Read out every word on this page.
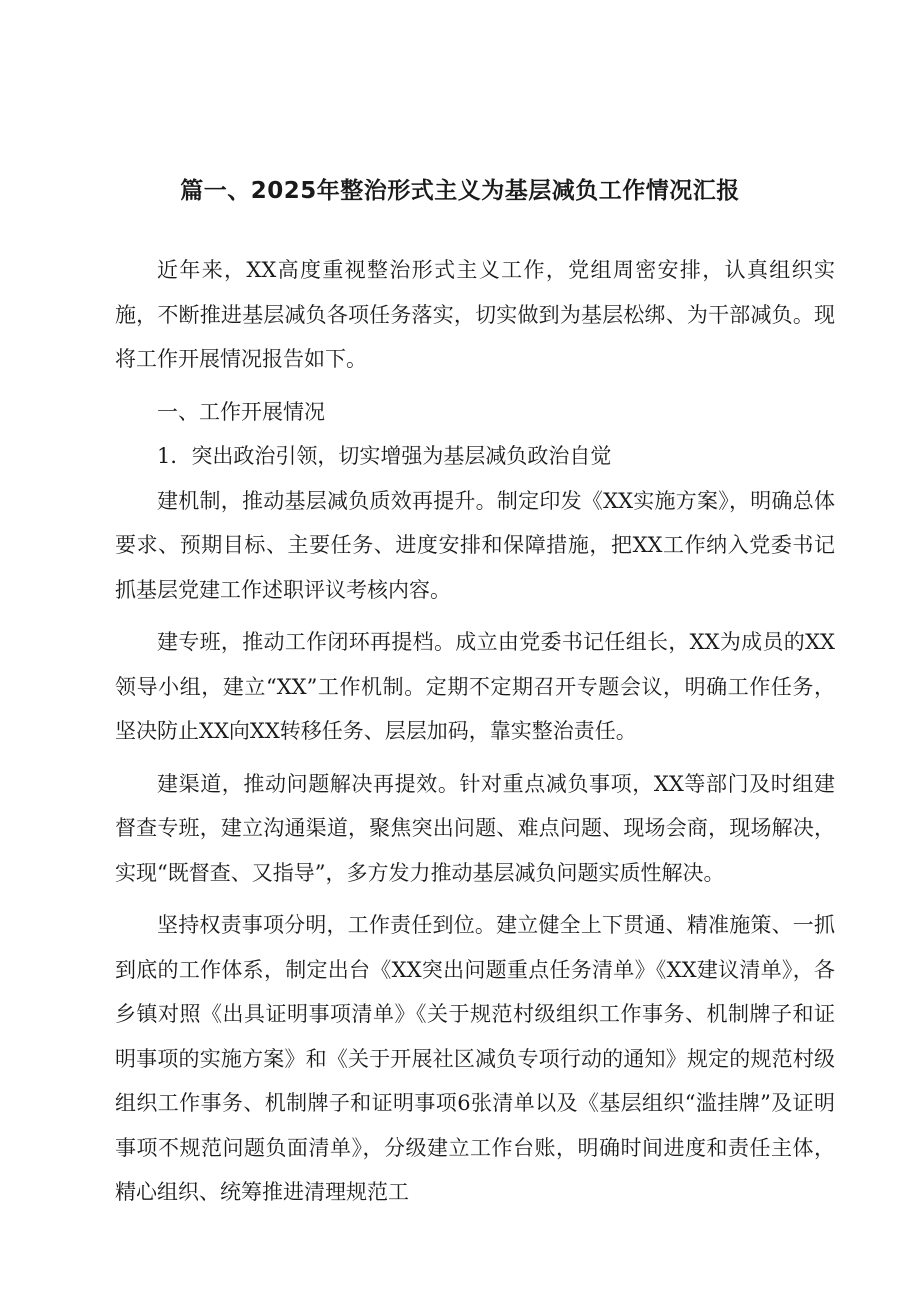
篇一、2025年整治形式主义为基层减负工作情况汇报

近年来，XX高度重视整治形式主义工作，党组周密安排，认真组织实施，不断推进基层减负各项任务落实，切实做到为基层松绑、为干部减负。现将工作开展情况报告如下。

一、工作开展情况
1．突出政治引领，切实增强为基层减负政治自觉

建机制，推动基层减负质效再提升。制定印发《XX实施方案》，明确总体要求、预期目标、主要任务、进度安排和保障措施，把XX工作纳入党委书记抓基层党建工作述职评议考核内容。

建专班，推动工作闭环再提档。成立由党委书记任组长，XX为成员的XX领导小组，建立“XX”工作机制。定期不定期召开专题会议，明确工作任务，坚决防止XX向XX转移任务、层层加码，靠实整治责任。

建渠道，推动问题解决再提效。针对重点减负事项，XX等部门及时组建督查专班，建立沟通渠道，聚焦突出问题、难点问题、现场会商，现场解决，实现“既督查、又指导”，多方发力推动基层减负问题实质性解决。

坚持权责事项分明，工作责任到位。建立健全上下贯通、精准施策、一抓到底的工作体系，制定出台《XX突出问题重点任务清单》《XX建议清单》，各乡镇对照《出具证明事项清单》《关于规范村级组织工作事务、机制牌子和证明事项的实施方案》和《关于开展社区减负专项行动的通知》规定的规范村级组织工作事务、机制牌子和证明事项6张清单以及《基层组织“滥挂牌”及证明事项不规范问题负面清单》，分级建立工作台账，明确时间进度和责任主体，精心组织、统筹推进清理规范工
